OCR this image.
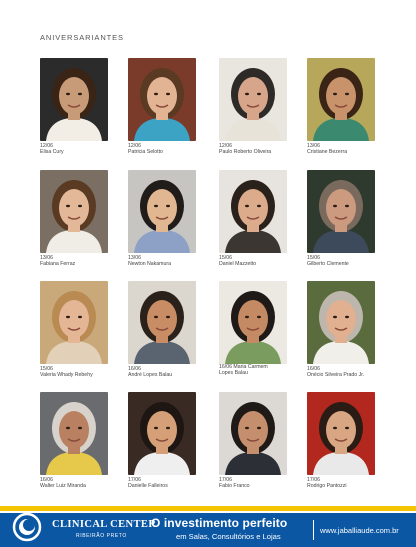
ANIVERSARIANTES
12/06
Elisa Cury
12/06
Patricia Selotto
12/06
Paulo Roberto Oliveira
13/06
Cristiane Bezerra
13/06
Fabiana Ferraz
13/06
Newton Nakamura
15/06
Daniel Mazzetto
15/06
Gilberto Clemente
15/06
Valeria Whady Rebehy
16/06
André Lopes Balau
16/06 Maria Carmem
Lopes Balau
16/06
Onécio Silveira Prado Jr.
16/06
Walter Luiz Miranda
17/06
Danielle Falleiros
17/06
Fabio Franco
17/06
Rodrigo Pantozzi
CLINICAL CENTER
RIBEIRÃO PRETO
O investimento perfeito
em Salas, Consultórios e Lojas
www.jaballiaude.com.br
